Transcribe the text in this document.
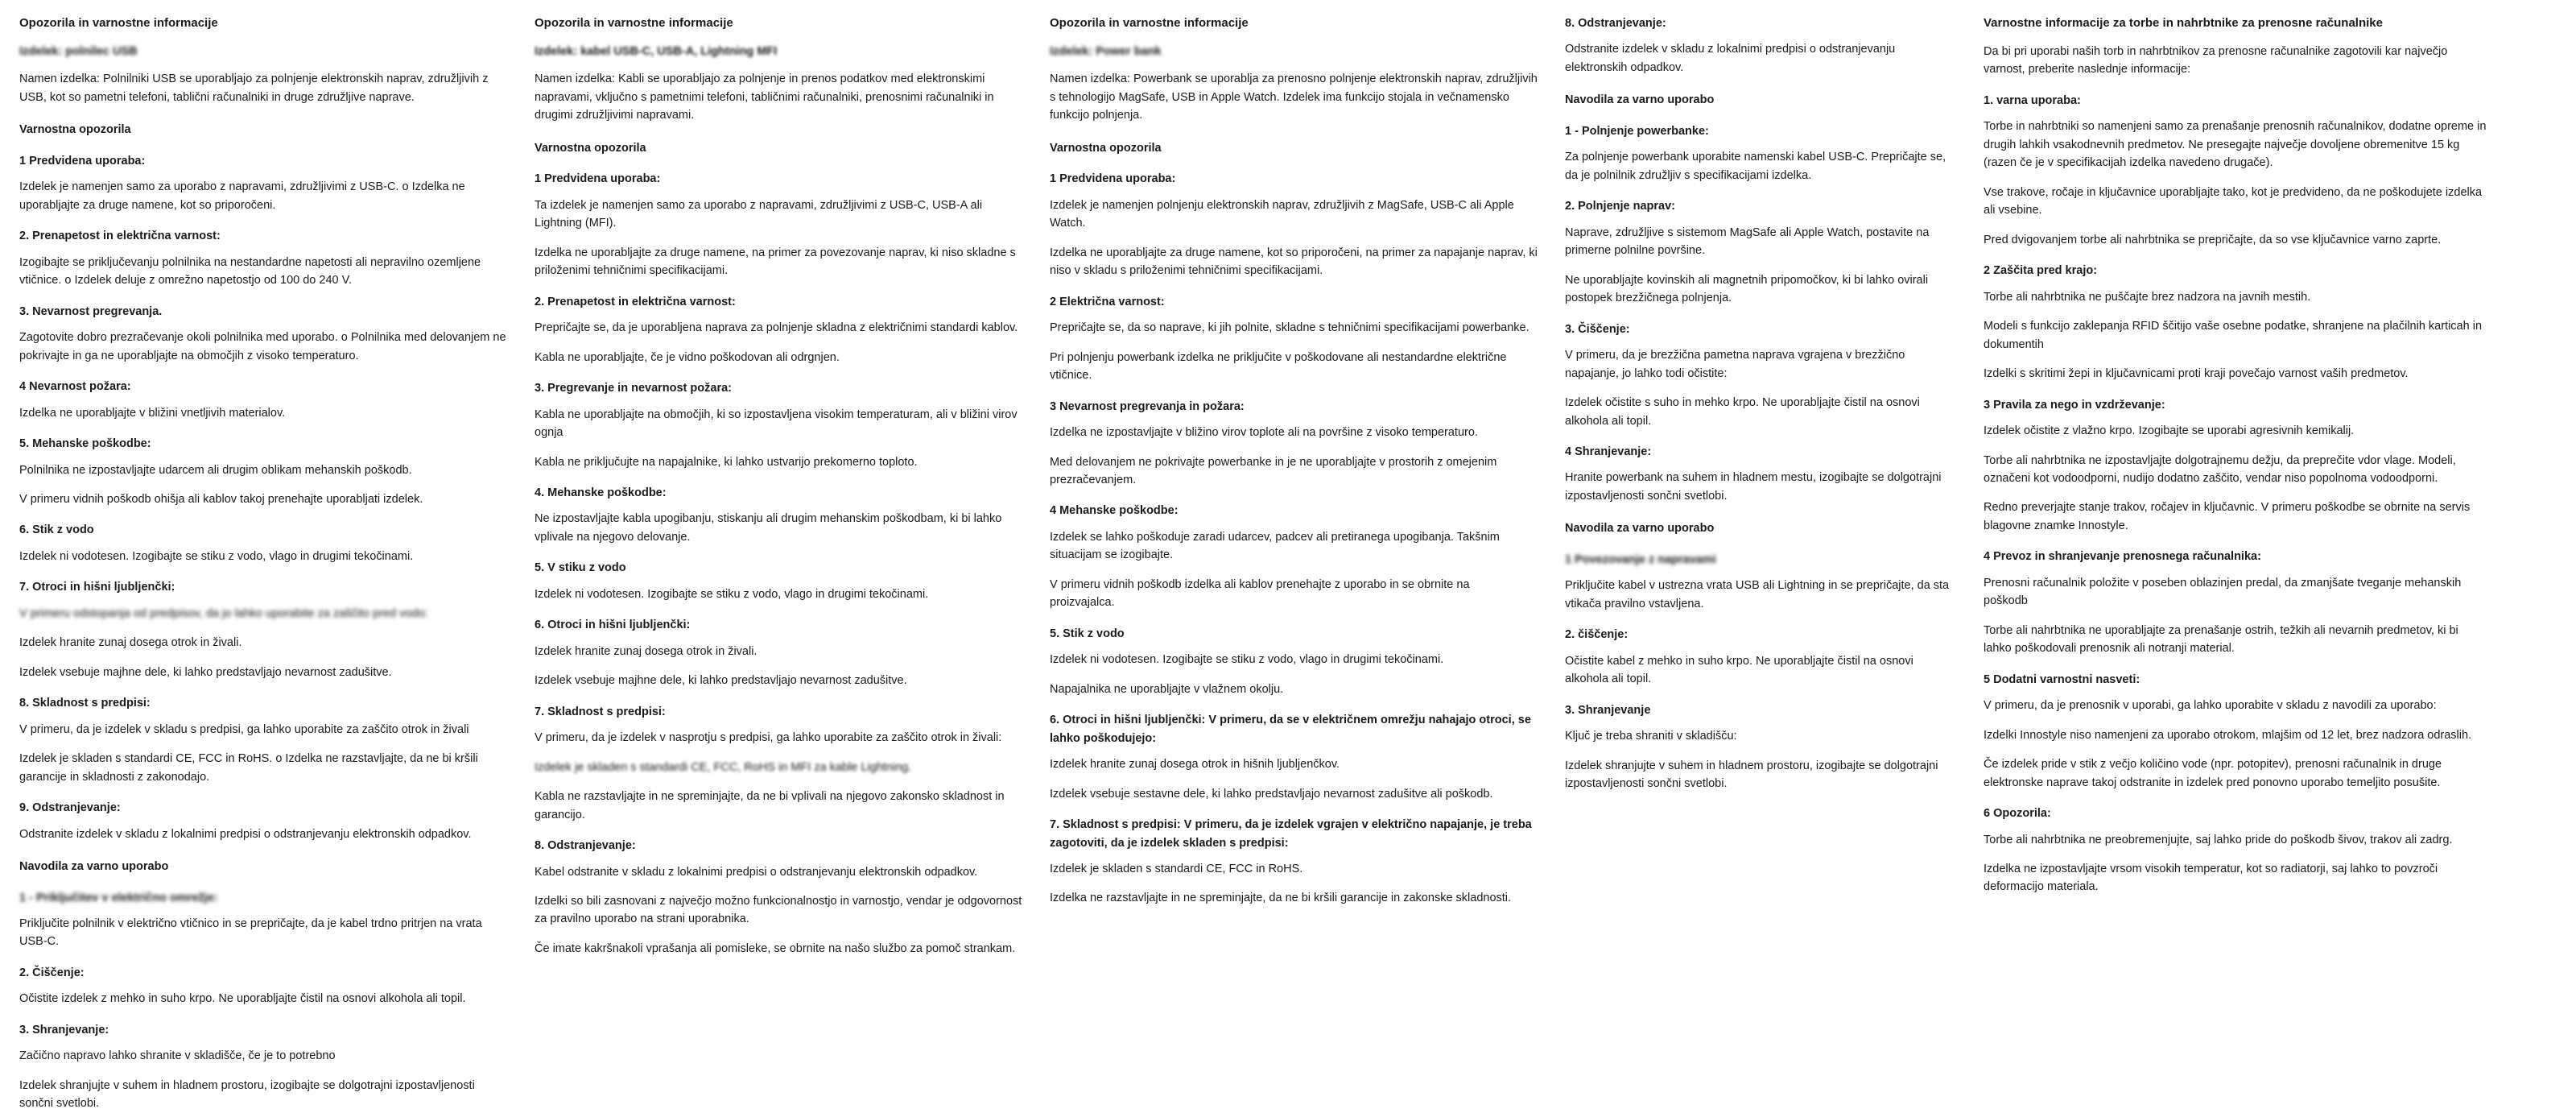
Opozorila in varnostne informacije
Izdelek: polnilec USB

Namen izdelka: Polnilniki USB se uporabljajo za polnjenje elektronskih naprav, združljivih z USB, kot so pametni telefoni, tablični računalniki in druge združljive naprave.

Varnostna opozorila
1 Predvidena uporaba:

Izdelek je namenjen samo za uporabo z napravami, združljivimi z USB-C. o Izdelka ne uporabljajte za druge namene, kot so priporočeni.

2. Prenapetost in električna varnost:

Izogibajte se priključevanju polnilnika na nestandardne napetosti ali nepravilno ozemljene vtičnice. o Izdelek deluje z omrežno napetostjo od 100 do 240 V.

3. Nevarnost pregrevanja.

Zagotovite dobro prezračevanje okoli polnilnika med uporabo. o Polnilnika med delovanjem ne pokrivajte in ga ne uporabljajte na območjih z visoko temperaturo.

4 Nevarnost požara:

Izdelka ne uporabljajte v bližini vnetljivih materialov.

5. Mehanske poškodbe:

Polnilnika ne izpostavljajte udarcem ali drugim oblikam mehanskih poškodb.

V primeru vidnih poškodb ohišja ali kablov takoj prenehajte uporabljati izdelek.

6. Stik z vodo

Izdelek ni vodotesen. Izogibajte se stiku z vodo, vlago in drugimi tekočinami.

7. Otroci in hišni ljubljenčki:

V primeru odstopanja od predpisov, da jo lahko uporabite za zaščito pred vodo:

Izdelek hranite zunaj dosega otrok in živali.

Izdelek vsebuje majhne dele, ki lahko predstavljajo nevarnost zadušitve.

8. Skladnost s predpisi:

V primeru, da je izdelek v skladu s predpisi, ga lahko uporabite za zaščito otrok in živali

Izdelek je skladen s standardi CE, FCC in RoHS. o Izdelka ne razstavljajte, da ne bi kršili garancije in skladnosti z zakonodajo.

9. Odstranjevanje:

Odstranite izdelek v skladu z lokalnimi predpisi o odstranjevanju elektronskih odpadkov.

Navodila za varno uporabo
1 - Priključitev v električno omrežje:

Priključite polnilnik v električno vtičnico in se prepričajte, da je kabel trdno pritrjen na vrata USB-C.

2. Čiščenje:

Očistite izdelek z mehko in suho krpo. Ne uporabljajte čistil na osnovi alkohola ali topil.

3. Shranjevanje:

Začično napravo lahko shranite v skladišče, če je to potrebno

Izdelek shranjujte v suhem in hladnem prostoru, izogibajte se dolgotrajni izpostavljenosti sončni svetlobi.

Opozorila in varnostne informacije
Izdelek: kabel USB-C, USB-A, Lightning MFI

Namen izdelka: Kabli se uporabljajo za polnjenje in prenos podatkov med elektronskimi napravami, vključno s pametnimi telefoni, tabličnimi računalniki, prenosnimi računalniki in drugimi združljivimi napravami.

Varnostna opozorila
1 Predvidena uporaba:

Ta izdelek je namenjen samo za uporabo z napravami, združljivimi z USB-C, USB-A ali Lightning (MFI).

Izdelka ne uporabljajte za druge namene, na primer za povezovanje naprav, ki niso skladne s priloženimi tehničnimi specifikacijami.

2. Prenapetost in električna varnost:

Prepričajte se, da je uporabljena naprava za polnjenje skladna z električnimi standardi kablov.

Kabla ne uporabljajte, če je vidno poškodovan ali odrgnjen.

3. Pregrevanje in nevarnost požara:

Kabla ne uporabljajte na območjih, ki so izpostavljena visokim temperaturam, ali v bližini virov ognja

Kabla ne priključujte na napajalnike, ki lahko ustvarijo prekomerno toploto.

4. Mehanske poškodbe:

Ne izpostavljajte kabla upogibanju, stiskanju ali drugim mehanskim poškodbam, ki bi lahko vplivale na njegovo delovanje.

5. V stiku z vodo

Izdelek ni vodotesen. Izogibajte se stiku z vodo, vlago in drugimi tekočinami.

6. Otroci in hišni ljubljenčki:

Izdelek hranite zunaj dosega otrok in živali.

Izdelek vsebuje majhne dele, ki lahko predstavljajo nevarnost zadušitve.

7. Skladnost s predpisi:

V primeru, da je izdelek v nasprotju s predpisi, ga lahko uporabite za zaščito otrok in živali:

Izdelek je skladen s standardi CE, FCC, RoHS in MFI za kable Lightning.

Kabla ne razstavljajte in ne spreminjajte, da ne bi vplivali na njegovo zakonsko skladnost in garancijo.

8. Odstranjevanje:

Kabel odstranite v skladu z lokalnimi predpisi o odstranjevanju elektronskih odpadkov.

Izdelki so bili zasnovani z največjo možno funkcionalnostjo in varnostjo, vendar je odgovornost za pravilno uporabo na strani uporabnika.

Če imate kakršnakoli vprašanja ali pomisleke, se obrnite na našo službo za pomoč strankam.

Opozorila in varnostne informacije
Izdelek: Power bank

Namen izdelka: Powerbank se uporablja za prenosno polnjenje elektronskih naprav, združljivih s tehnologijo MagSafe, USB in Apple Watch. Izdelek ima funkcijo stojala in večnamensko funkcijo polnjenja.

Varnostna opozorila
1 Predvidena uporaba:

Izdelek je namenjen polnjenju elektronskih naprav, združljivih z MagSafe, USB-C ali Apple Watch.

Izdelka ne uporabljajte za druge namene, kot so priporočeni, na primer za napajanje naprav, ki niso v skladu s priloženimi tehničnimi specifikacijami.

2 Električna varnost:

Prepričajte se, da so naprave, ki jih polnite, skladne s tehničnimi specifikacijami powerbanke.

Pri polnjenju powerbank izdelka ne priključite v poškodovane ali nestandardne električne vtičnice.

3 Nevarnost pregrevanja in požara:

Izdelka ne izpostavljajte v bližino virov toplote ali na površine z visoko temperaturo.

Med delovanjem ne pokrivajte powerbanke in je ne uporabljajte v prostorih z omejenim prezračevanjem.

4 Mehanske poškodbe:

Izdelek se lahko poškoduje zaradi udarcev, padcev ali pretiranega upogibanja. Takšnim situacijam se izogibajte.

V primeru vidnih poškodb izdelka ali kablov prenehajte z uporabo in se obrnite na proizvajalca.

5. Stik z vodo

Izdelek ni vodotesen. Izogibajte se stiku z vodo, vlago in drugimi tekočinami.

Napajalnika ne uporabljajte v vlažnem okolju.

6. Otroci in hišni ljubljenčki: V primeru, da se v električnem omrežju nahajajo otroci, se lahko poškodujejo:

Izdelek hranite zunaj dosega otrok in hišnih ljubljenčkov.

Izdelek vsebuje sestavne dele, ki lahko predstavljajo nevarnost zadušitve ali poškodb.

7. Skladnost s predpisi: V primeru, da je izdelek vgrajen v električno napajanje, je treba zagotoviti, da je izdelek skladen s predpisi:

Izdelek je skladen s standardi CE, FCC in RoHS.

Izdelka ne razstavljajte in ne spreminjajte, da ne bi kršili garancije in zakonske skladnosti.

8. Odstranjevanje:

Odstranite izdelek v skladu z lokalnimi predpisi o odstranjevanju elektronskih odpadkov.

Navodila za varno uporabo
1 - Polnjenje powerbanke:

Za polnjenje powerbank uporabite namenski kabel USB-C. Prepričajte se, da je polnilnik združljiv s specifikacijami izdelka.

2. Polnjenje naprav:

Naprave, združljive s sistemom MagSafe ali Apple Watch, postavite na primerne polnilne površine.

Ne uporabljajte kovinskih ali magnetnih pripomočkov, ki bi lahko ovirali postopek brezžičnega polnjenja.

3. Čiščenje:

V primeru, da je brezžična pametna naprava vgrajena v brezžično napajanje, jo lahko todi očistite:

Izdelek očistite s suho in mehko krpo. Ne uporabljajte čistil na osnovi alkohola ali topil.

4 Shranjevanje:

Hranite powerbank na suhem in hladnem mestu, izogibajte se dolgotrajni izpostavljenosti sončni svetlobi.

Navodila za varno uporabo
1 Povezovanje z napravami

Priključite kabel v ustrezna vrata USB ali Lightning in se prepričajte, da sta vtikača pravilno vstavljena.

2. čiščenje:

Očistite kabel z mehko in suho krpo. Ne uporabljajte čistil na osnovi alkohola ali topil.

3. Shranjevanje

Ključ je treba shraniti v skladišču:

Izdelek shranjujte v suhem in hladnem prostoru, izogibajte se dolgotrajni izpostavljenosti sončni svetlobi.

Varnostne informacije za torbe in nahrbtnike za prenosne računalnike

Da bi pri uporabi naših torb in nahrbtnikov za prenosne računalnike zagotovili kar največjo varnost, preberite naslednje informacije:

1. varna uporaba:

Torbe in nahrbtniki so namenjeni samo za prenašanje prenosnih računalnikov, dodatne opreme in drugih lahkih vsakodnevnih predmetov. Ne presegajte največje dovoljene obremenitve 15 kg (razen če je v specifikacijah izdelka navedeno drugače).

Vse trakove, ročaje in ključavnice uporabljajte tako, kot je predvideno, da ne poškodujete izdelka ali vsebine.

Pred dvigovanjem torbe ali nahrbtnika se prepričajte, da so vse ključavnice varno zaprte.

2 Zaščita pred krajo:

Torbe ali nahrbtnika ne puščajte brez nadzora na javnih mestih.

Modeli s funkcijo zaklepanja RFID ščitijo vaše osebne podatke, shranjene na plačilnih karticah in dokumentih

Izdelki s skritimi žepi in ključavnicami proti kraji povečajo varnost vaših predmetov.

3 Pravila za nego in vzdrževanje:

Izdelek očistite z vlažno krpo. Izogibajte se uporabi agresivnih kemikalij.

Torbe ali nahrbtnika ne izpostavljajte dolgotrajnemu dežju, da preprečite vdor vlage. Modeli, označeni kot vodoodporni, nudijo dodatno zaščito, vendar niso popolnoma vodoodporni.

Redno preverjajte stanje trakov, ročajev in ključavnic. V primeru poškodbe se obrnite na servis blagovne znamke Innostyle.

4 Prevoz in shranjevanje prenosnega računalnika:

Prenosni računalnik položite v poseben oblazinjen predal, da zmanjšate tveganje mehanskih poškodb

Torbe ali nahrbtnika ne uporabljajte za prenašanje ostrih, težkih ali nevarnih predmetov, ki bi lahko poškodovali prenosnik ali notranji material.

5 Dodatni varnostni nasveti:

V primeru, da je prenosnik v uporabi, ga lahko uporabite v skladu z navodili za uporabo:

Izdelki Innostyle niso namenjeni za uporabo otrokom, mlajšim od 12 let, brez nadzora odraslih.

Če izdelek pride v stik z večjo količino vode (npr. potopitev), prenosni računalnik in druge elektronske naprave takoj odstranite in izdelek pred ponovno uporabo temeljito posušite.

6 Opozorila:

Torbe ali nahrbtnika ne preobremenjujte, saj lahko pride do poškodb šivov, trakov ali zadrg.

Izdelka ne izpostavljajte vrsom visokih temperatur, kot so radiatorji, saj lahko to povzroči deformacijo materiala.
